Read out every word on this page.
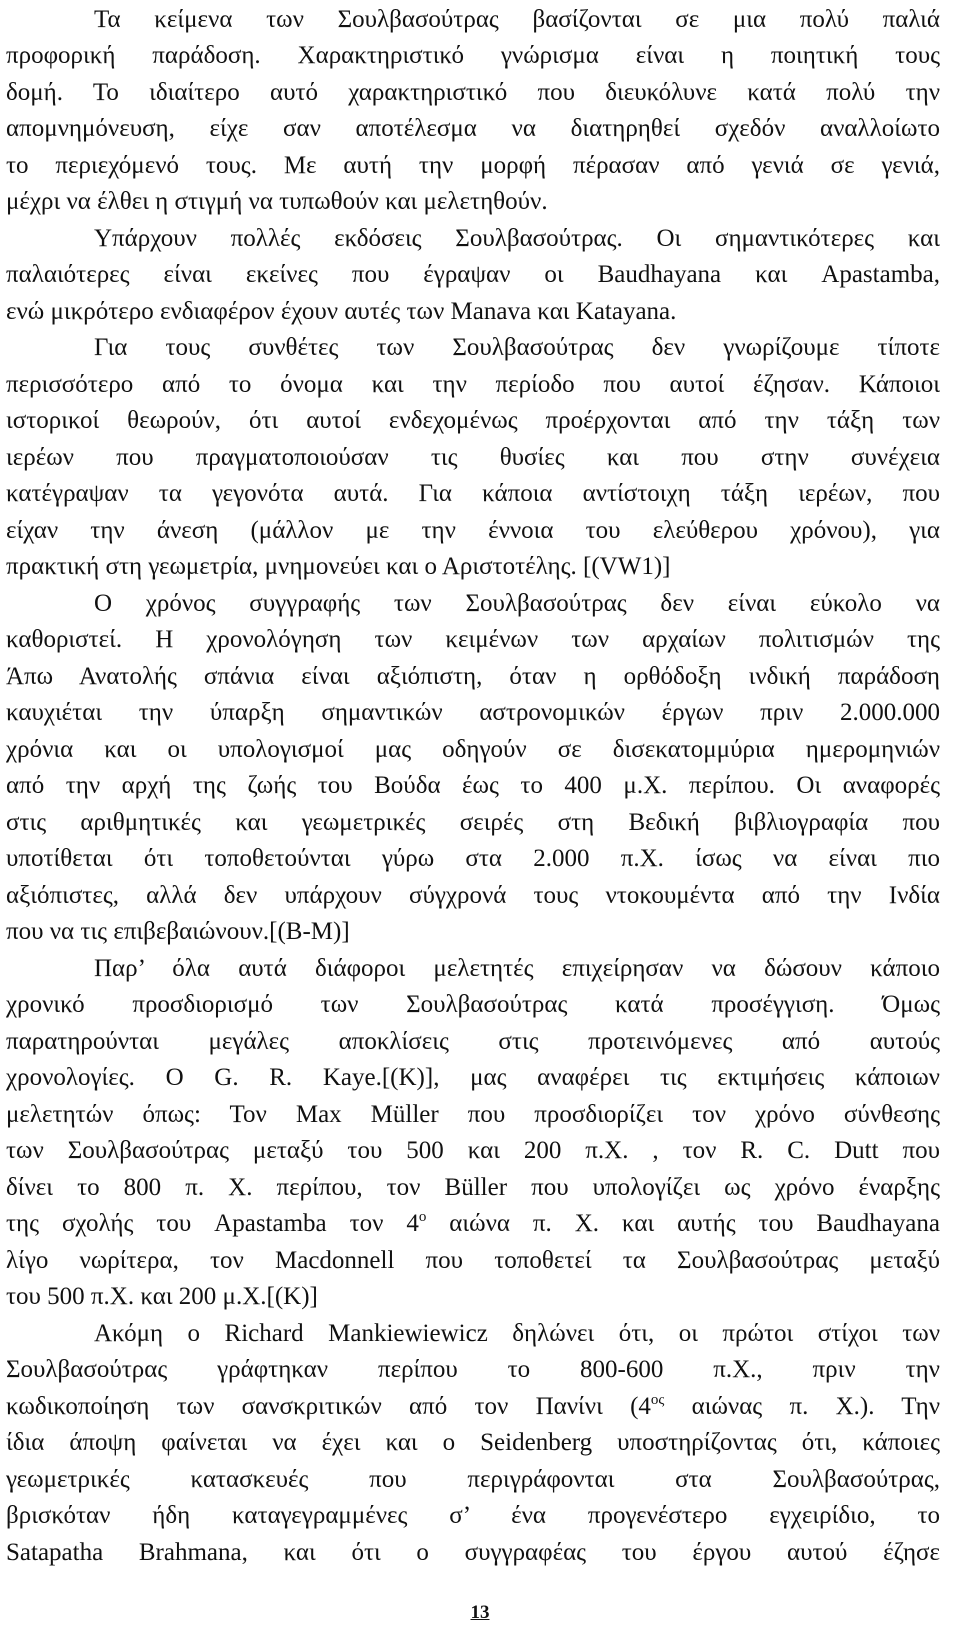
Τα κείμενα των Σουλβασούτρας βασίζονται σε μια πολύ παλιά
προφορική παράδοση. Χαρακτηριστικό γνώρισμα είναι η ποιητική τους
δομή. Το ιδιαίτερο αυτό χαρακτηριστικό που διευκόλυνε κατά πολύ την
απομνημόνευση, είχε σαν αποτέλεσμα να διατηρηθεί σχεδόν αναλλοίωτο
το περιεχόμενό τους. Με αυτή την μορφή πέρασαν από γενιά σε γενιά,
μέχρι να έλθει η στιγμή να τυπωθούν και μελετηθούν.
Υπάρχουν πολλές εκδόσεις Σουλβασούτρας. Οι σημαντικότερες και
παλαιότερες είναι εκείνες που έγραψαν οι Baudhayana και Apastamba,
ενώ μικρότερο ενδιαφέρον έχουν αυτές των Manava και Katayana.
Για τους συνθέτες των Σουλβασούτρας δεν γνωρίζουμε τίποτε
περισσότερο από το όνομα και την περίοδο που αυτοί έζησαν. Κάποιοι
ιστορικοί θεωρούν, ότι αυτοί ενδεχομένως προέρχονται από την τάξη των
ιερέων που πραγματοποιούσαν τις θυσίες και που στην συνέχεια
κατέγραψαν τα γεγονότα αυτά. Για κάποια αντίστοιχη τάξη ιερέων, που
είχαν την άνεση (μάλλον με την έννοια του ελεύθερου χρόνου), για
πρακτική στη γεωμετρία, μνημονεύει και ο Αριστοτέλης. [(VW1)]
Ο χρόνος συγγραφής των Σουλβασούτρας δεν είναι εύκολο να
καθοριστεί. Η χρονολόγηση των κειμένων των αρχαίων πολιτισμών της
Άπω Ανατολής σπάνια είναι αξιόπιστη, όταν η ορθόδοξη ινδική παράδοση
καυχιέται την ύπαρξη σημαντικών αστρονομικών έργων πριν 2.000.000
χρόνια και οι υπολογισμοί μας οδηγούν σε δισεκατομμύρια ημερομηνιών
από την αρχή της ζωής του Βούδα έως το 400 μ.Χ. περίπου. Οι αναφορές
στις αριθμητικές και γεωμετρικές σειρές στη Βεδική βιβλιογραφία που
υποτίθεται ότι τοποθετούνται γύρω στα 2.000 π.Χ. ίσως να είναι πιο
αξιόπιστες, αλλά δεν υπάρχουν σύγχρονά τους ντοκουμέντα από την Ινδία
που να τις επιβεβαιώνουν.[(B-M)]
Παρ’ όλα αυτά διάφοροι μελετητές επιχείρησαν να δώσουν κάποιο
χρονικό προσδιορισμό των Σουλβασούτρας κατά προσέγγιση. Όμως
παρατηρούνται μεγάλες αποκλίσεις στις προτεινόμενες από αυτούς
χρονολογίες. Ο G. R. Kaye.[(K)], μας αναφέρει τις εκτιμήσεις κάποιων
μελετητών όπως: Τον Max Müller που προσδιορίζει τον χρόνο σύνθεσης
των Σουλβασούτρας μεταξύ του 500 και 200 π.Χ. , τον R. C. Dutt που
δίνει το 800 π. Χ. περίπου, τον Büller που υπολογίζει ως χρόνο έναρξης
της σχολής του Apastamba τον $4^o$ αιώνα π. Χ. και αυτής του Baudhayana
λίγο νωρίτερα, τον Macdonnell που τοποθετεί τα Σουλβασούτρας μεταξύ
του 500 π.Χ. και 200 μ.Χ.[(K)]
Ακόμη ο Richard Mankiewiewicz δηλώνει ότι, οι πρώτοι στίχοι των
Σουλβασούτρας γράφτηκαν περίπου το 800-600 π.Χ., πριν την
κωδικοποίηση των σανσκριτικών από τον Πανίνι ($4^{o\varsigma}$ αιώνας π. Χ.). Την
ίδια άποψη φαίνεται να έχει και ο Seidenberg υποστηρίζοντας ότι, κάποιες
γεωμετρικές κατασκευές που περιγράφονται στα Σουλβασούτρας,
βρισκόταν ήδη καταγεγραμμένες σ’ ένα προγενέστερο εγχειρίδιο, το
Satapatha Brahmana, και ότι ο συγγραφέας του έργου αυτού έζησε
13
